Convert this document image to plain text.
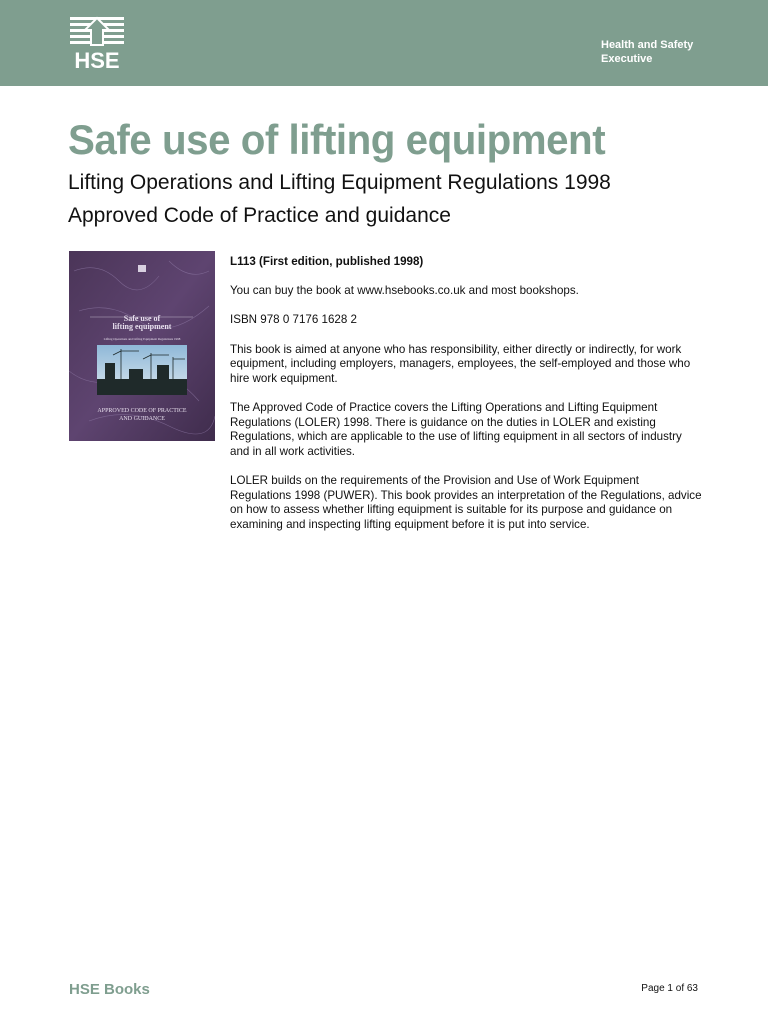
HSE
Health and Safety
Executive
Safe use of lifting equipment
Lifting Operations and Lifting Equipment Regulations 1998
Approved Code of Practice and guidance
Safe use of
lifting equipment
Lifting Operations and Lifting Equipment Regulations 1998
APPROVED CODE OF PRACTICE
AND GUIDANCE

L113 (First edition, published 1998)

You can buy the book at www.hsebooks.co.uk and most bookshops.

ISBN 978 0 7176 1628 2

This book is aimed at anyone who has responsibility, either directly or indirectly, for work equipment, including employers, managers, employees, the self-employed and those who hire work equipment.

The Approved Code of Practice covers the Lifting Operations and Lifting Equipment Regulations (LOLER) 1998. There is guidance on the duties in LOLER and existing Regulations, which are applicable to the use of lifting equipment in all sectors of industry and in all work activities.

LOLER builds on the requirements of the Provision and Use of Work Equipment Regulations 1998 (PUWER). This book provides an interpretation of the Regulations, advice on how to assess whether lifting equipment is suitable for its purpose and guidance on examining and inspecting lifting equipment before it is put into service.

HSE Books	Page 1 of 63
